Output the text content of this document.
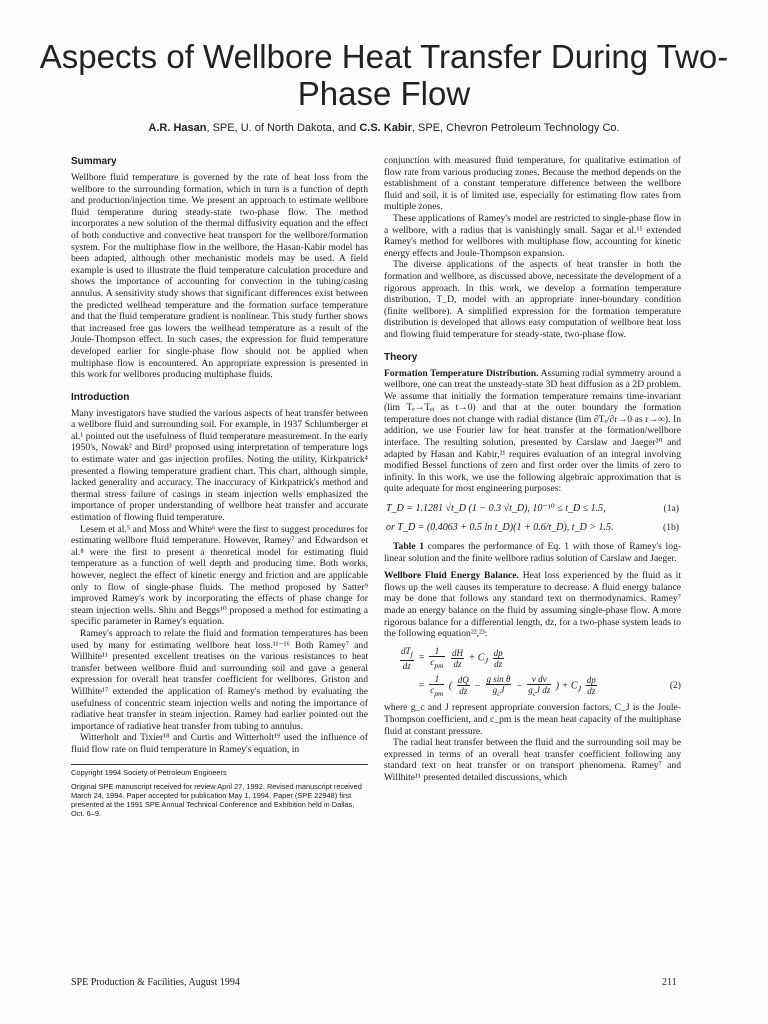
Aspects of Wellbore Heat Transfer During Two-Phase Flow
A.R. Hasan, SPE, U. of North Dakota, and C.S. Kabir, SPE, Chevron Petroleum Technology Co.
Summary

Wellbore fluid temperature is governed by the rate of heat loss from the wellbore to the surrounding formation, which in turn is a function of depth and production/injection time. We present an approach to estimate wellbore fluid temperature during steady-state two-phase flow. The method incorporates a new solution of the thermal diffusivity equation and the effect of both conductive and convective heat transport for the wellbore/formation system. For the multiphase flow in the wellbore, the Hasan-Kabir model has been adapted, although other mechanistic models may be used. A field example is used to illustrate the fluid temperature calculation procedure and shows the importance of accounting for convection in the tubing/casing annulus. A sensitivity study shows that significant differences exist between the predicted wellhead temperature and the formation surface temperature and that the fluid temperature gradient is nonlinear. This study further shows that increased free gas lowers the wellhead temperature as a result of the Joule-Thompson effect. In such cases, the expression for fluid temperature developed earlier for single-phase flow should not be applied when multiphase flow is encountered. An appropriate expression is presented in this work for wellbores producing multiphase fluids.

Introduction

Many investigators have studied the various aspects of heat transfer between a wellbore fluid and surrounding soil. For example, in 1937 Schlumberger et al.¹ pointed out the usefulness of fluid temperature measurement. In the early 1950's, Nowak² and Bird³ proposed using interpretation of temperature logs to estimate water and gas injection profiles. Noting the utility, Kirkpatrick⁴ presented a flowing temperature gradient chart. This chart, although simple, lacked generality and accuracy. The inaccuracy of Kirkpatrick's method and thermal stress failure of casings in steam injection wells emphasized the importance of proper understanding of wellbore heat transfer and accurate estimation of flowing fluid temperature.

Lesem et al.⁵ and Moss and White⁶ were the first to suggest procedures for estimating wellbore fluid temperature. However, Ramey⁷ and Edwardson et al.⁸ were the first to present a theoretical model for estimating fluid temperature as a function of well depth and producing time. Both works, however, neglect the effect of kinetic energy and friction and are applicable only to flow of single-phase fluids. The method proposed by Satter⁹ improved Ramey's work by incorporating the effects of phase change for steam injection wells. Shiu and Beggs¹⁰ proposed a method for estimating a specific parameter in Ramey's equation.

Ramey's approach to relate the fluid and formation temperatures has been used by many for estimating wellbore heat loss.¹¹⁻¹⁶ Both Ramey⁷ and Willhite¹¹ presented excellent treatises on the various resistances to heat transfer between wellbore fluid and surrounding soil and gave a general expression for overall heat transfer coefficient for wellbores. Griston and Willhite¹⁷ extended the application of Ramey's method by evaluating the usefulness of concentric steam injection wells and noting the importance of radiative heat transfer in steam injection. Ramey had earlier pointed out the importance of radiative heat transfer from tubing to annulus.

Witterholt and Tixier¹⁸ and Curtis and Witterholt¹⁹ used the influence of fluid flow rate on fluid temperature in Ramey's equation, in

Copyright 1994 Society of Petroleum Engineers
Original SPE manuscript received for review April 27, 1992. Revised manuscript received March 24, 1994. Paper accepted for publication May 1, 1994. Paper (SPE 22948) first presented at the 1991 SPE Annual Technical Conference and Exhibition held in Dallas, Oct. 6–9.

conjunction with measured fluid temperature, for qualitative estimation of flow rate from various producing zones. Because the method depends on the establishment of a constant temperature difference between the wellbore fluid and soil, it is of limited use, especially for estimating flow rates from multiple zones.

These applications of Ramey's model are restricted to single-phase flow in a wellbore, with a radius that is vanishingly small. Sagar et al.¹⁵ extended Ramey's method for wellbores with multiphase flow, accounting for kinetic energy effects and Joule-Thompson expansion.

The diverse applications of the aspects of heat transfer in both the formation and wellbore, as discussed above, necessitate the development of a rigorous approach. In this work, we develop a formation temperature distribution, T_D, model with an appropriate inner-boundary condition (finite wellbore). A simplified expression for the formation temperature distribution is developed that allows easy computation of wellbore heat loss and flowing fluid temperature for steady-state, two-phase flow.

Theory

Formation Temperature Distribution. Assuming radial symmetry around a wellbore, one can treat the unsteady-state 3D heat diffusion as a 2D problem. We assume that initially the formation temperature remains time-invariant (lim Tₑ→Tₑᵢ as t→0) and that at the outer boundary the formation temperature does not change with radial distance (lim ∂Tₑ/∂r→0 as r→∞). In addition, we use Fourier law for heat transfer at the formation/wellbore interface. The resulting solution, presented by Carslaw and Jaeger²⁰ and adapted by Hasan and Kabir,²¹ requires evaluation of an integral involving modified Bessel functions of zero and first order over the limits of zero to infinity. In this work, we use the following algebraic approximation that is quite adequate for most engineering purposes:

T_D = 1.1281 √t_D (1 − 0.3 √t_D), 10⁻¹⁰ ≤ t_D ≤ 1.5,	(1a)
or T_D = (0.4063 + 0.5 ln t_D)(1 + 0.6/t_D), t_D > 1.5.	(1b)

Table 1 compares the performance of Eq. 1 with those of Ramey's log-linear solution and the finite wellbore radius solution of Carslaw and Jaeger.

Wellbore Fluid Energy Balance. Heat loss experienced by the fluid as it flows up the well causes its temperature to decrease. A fluid energy balance may be done that follows any standard text on thermodynamics. Ramey⁷ made an energy balance on the fluid by assuming single-phase flow. A more rigorous balance for a differential length, dz, for a two-phase system leads to the following equation²²,²³:

$\frac{dT_f}{dz} = \frac{1}{c_{pm}}$
$\frac{dH}{dz} + C_J \frac{dp}{dz}$
= $\frac{1}{c_{pm}}$ ( $\frac{dQ}{dz} - \frac{\text{g sin θ}}{g_cJ} - \frac{\text{v dv}}{g_cJ dz}$ ) + $C_J \frac{dp}{dz}$	(2)

where g_c and J represent appropriate conversion factors, C_J is the Joule-Thompson coefficient, and c_pm is the mean heat capacity of the multiphase fluid at constant pressure.

The radial heat transfer between the fluid and the surrounding soil may be expressed in terms of an overall heat transfer coefficient following any standard text on heat transfer or on transport phenomena. Ramey⁷ and Willhite¹¹ presented detailed discussions, which

SPE Production & Facilities, August 1994	211
